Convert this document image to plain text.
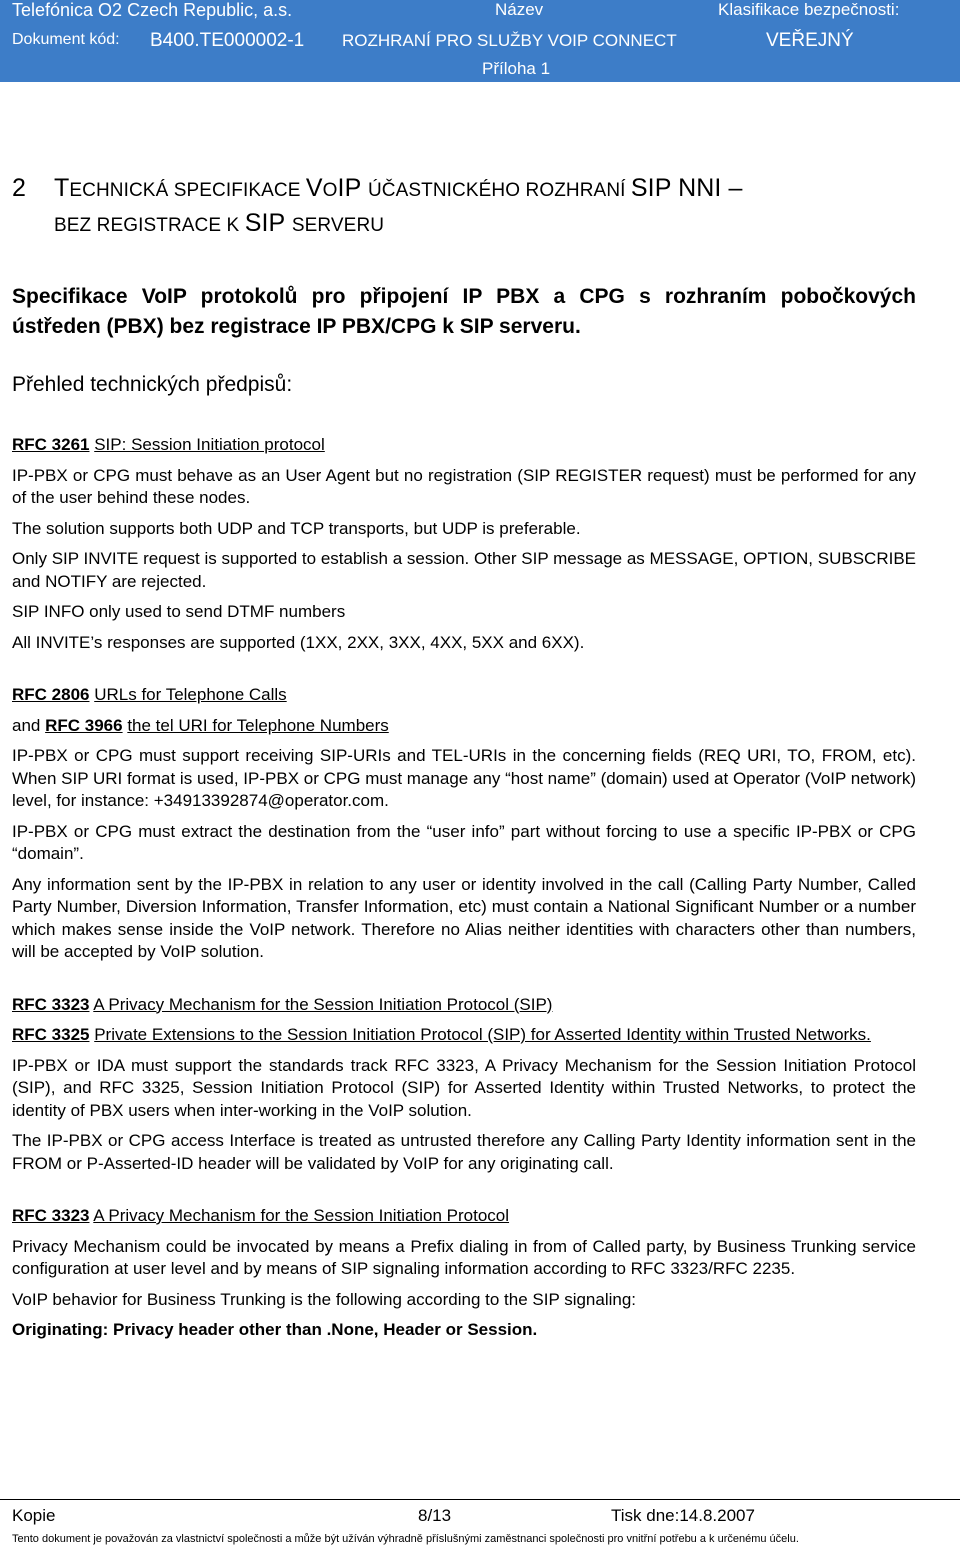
Telefónica O2 Czech Republic, a.s.	Název	Klasifikace bezpečnosti:
Dokument kód: B400.TE000002-1 ROZHRANÍ PRO SLUŽBY VOIP CONNECT	VEŘEJNÝ
Příloha 1
2 TECHNICKÁ SPECIFIKACE VOIP ÚČASTNICKÉHO ROZHRANÍ SIP NNI –
BEZ REGISTRACE K SIP SERVERU
Specifikace VoIP protokolů pro připojení IP PBX a CPG s rozhraním pobočkových ústředen (PBX) bez registrace IP PBX/CPG k SIP serveru.
Přehled technických předpisů:

RFC 3261 SIP: Session Initiation protocol

IP-PBX or CPG must behave as an User Agent but no registration (SIP REGISTER request) must be performed for any of the user behind these nodes.

The solution supports both UDP and TCP transports, but UDP is preferable.

Only SIP INVITE request is supported to establish a session. Other SIP message as MESSAGE, OPTION, SUBSCRIBE and NOTIFY are rejected.

SIP INFO only used to send DTMF numbers

All INVITE’s responses are supported (1XX, 2XX, 3XX, 4XX, 5XX and 6XX).

RFC 2806 URLs for Telephone Calls

and RFC 3966 the tel URI for Telephone Numbers

IP-PBX or CPG must support receiving SIP-URIs and TEL-URIs in the concerning fields (REQ URI, TO, FROM, etc). When SIP URI format is used, IP-PBX or CPG must manage any “host name” (domain) used at Operator (VoIP network) level, for instance: +34913392874@operator.com.

IP-PBX or CPG must extract the destination from the “user info” part without forcing to use a specific IP-PBX or CPG “domain”.

Any information sent by the IP-PBX in relation to any user or identity involved in the call (Calling Party Number, Called Party Number, Diversion Information, Transfer Information, etc) must contain a National Significant Number or a number which makes sense inside the VoIP network. Therefore no Alias neither identities with characters other than numbers, will be accepted by VoIP solution.

RFC 3323 A Privacy Mechanism for the Session Initiation Protocol (SIP)

RFC 3325 Private Extensions to the Session Initiation Protocol (SIP) for Asserted Identity within Trusted Networks.

IP-PBX or IDA must support the standards track RFC 3323, A Privacy Mechanism for the Session Initiation Protocol (SIP), and RFC 3325, Session Initiation Protocol (SIP) for Asserted Identity within Trusted Networks, to protect the identity of PBX users when inter-working in the VoIP solution.

The IP-PBX or CPG access Interface is treated as untrusted therefore any Calling Party Identity information sent in the FROM or P-Asserted-ID header will be validated by VoIP for any originating call.

RFC 3323 A Privacy Mechanism for the Session Initiation Protocol

Privacy Mechanism could be invocated by means a Prefix dialing in from of Called party, by Business Trunking service configuration at user level and by means of SIP signaling information according to RFC 3323/RFC 2235.

VoIP behavior for Business Trunking is the following according to the SIP signaling:

Originating: Privacy header other than .None, Header or Session.

Kopie	8/13	Tisk dne:14.8.2007
Tento dokument je považován za vlastnictví společnosti a může být užíván výhradně příslušnými zaměstnanci společnosti pro vnitřní potřebu a k určenému účelu.
